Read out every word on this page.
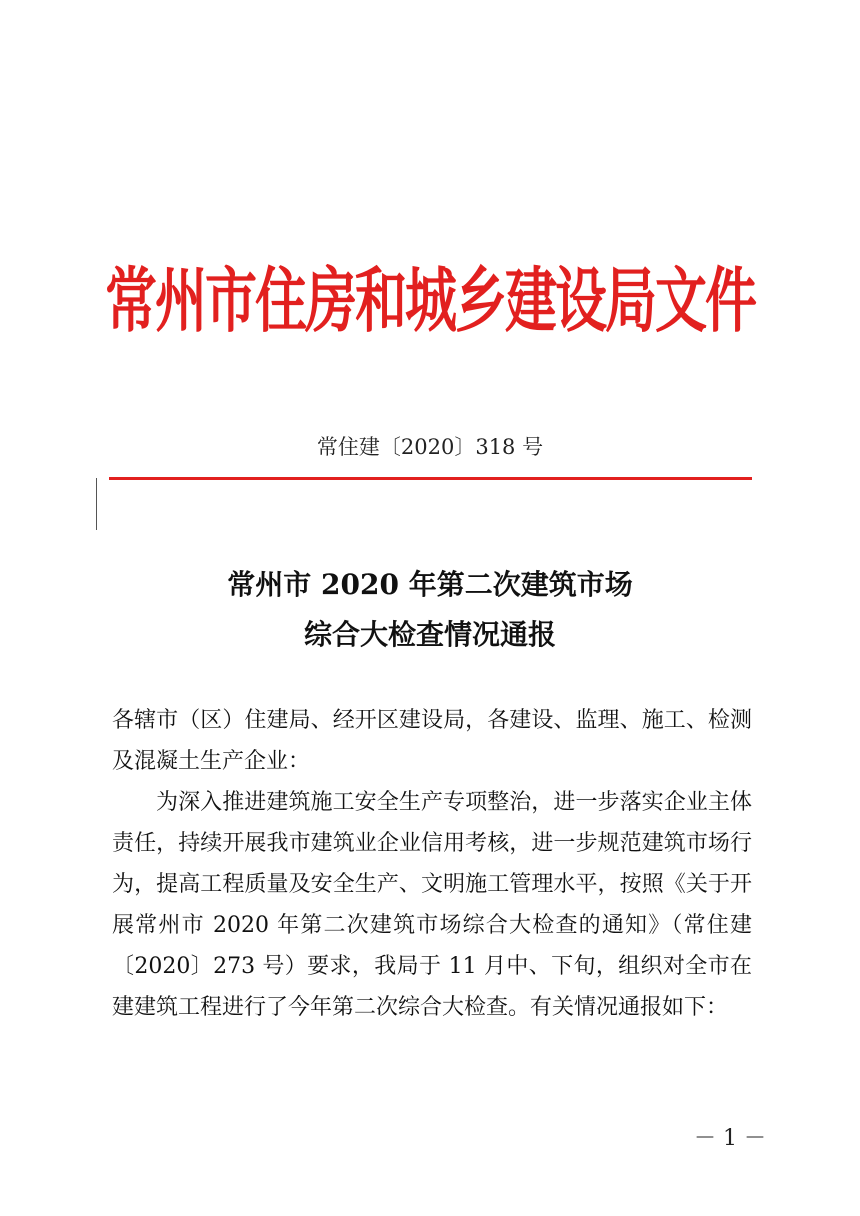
常州市住房和城乡建设局文件
常住建〔2020〕318 号
常州市 2020 年第二次建筑市场
综合大检查情况通报

各辖市（区）住建局、经开区建设局，各建设、监理、施工、检测及混凝土生产企业：

为深入推进建筑施工安全生产专项整治，进一步落实企业主体责任，持续开展我市建筑业企业信用考核，进一步规范建筑市场行为，提高工程质量及安全生产、文明施工管理水平，按照《关于开展常州市 2020 年第二次建筑市场综合大检查的通知》（常住建〔2020〕273 号）要求，我局于 11 月中、下旬，组织对全市在建建筑工程进行了今年第二次综合大检查。有关情况通报如下：

－ 1 －
